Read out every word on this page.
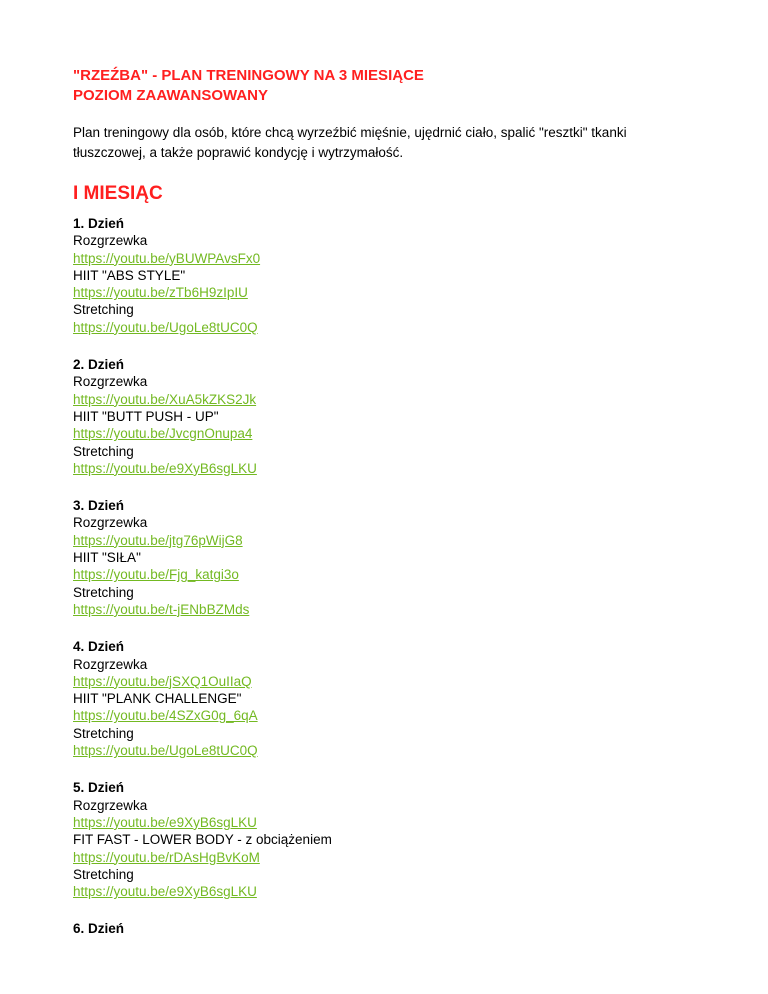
"RZEŹBA" - PLAN TRENINGOWY NA 3 MIESIĄCE
POZIOM ZAAWANSOWANY
Plan treningowy dla osób, które chcą wyrzeźbić mięśnie, ujędrnić ciało, spalić "resztki" tkanki tłuszczowej, a także poprawić kondycję i wytrzymałość.
I MIESIĄC
1. Dzień
Rozgrzewka
https://youtu.be/yBUWPAvsFx0
HIIT "ABS STYLE"
https://youtu.be/zTb6H9zIpIU
Stretching
https://youtu.be/UgoLe8tUC0Q
2. Dzień
Rozgrzewka
https://youtu.be/XuA5kZKS2Jk
HIIT "BUTT PUSH - UP"
https://youtu.be/JvcgnOnupa4
Stretching
https://youtu.be/e9XyB6sgLKU
3. Dzień
Rozgrzewka
https://youtu.be/jtg76pWijG8
HIIT "SIŁA"
https://youtu.be/Fjg_katgi3o
Stretching
https://youtu.be/t-jENbBZMds
4. Dzień
Rozgrzewka
https://youtu.be/jSXQ1OuIIaQ
HIIT "PLANK CHALLENGE"
https://youtu.be/4SZxG0g_6qA
Stretching
https://youtu.be/UgoLe8tUC0Q
5. Dzień
Rozgrzewka
https://youtu.be/e9XyB6sgLKU
FIT FAST - LOWER BODY - z obciążeniem
https://youtu.be/rDAsHgBvKoM
Stretching
https://youtu.be/e9XyB6sgLKU
6. Dzień
